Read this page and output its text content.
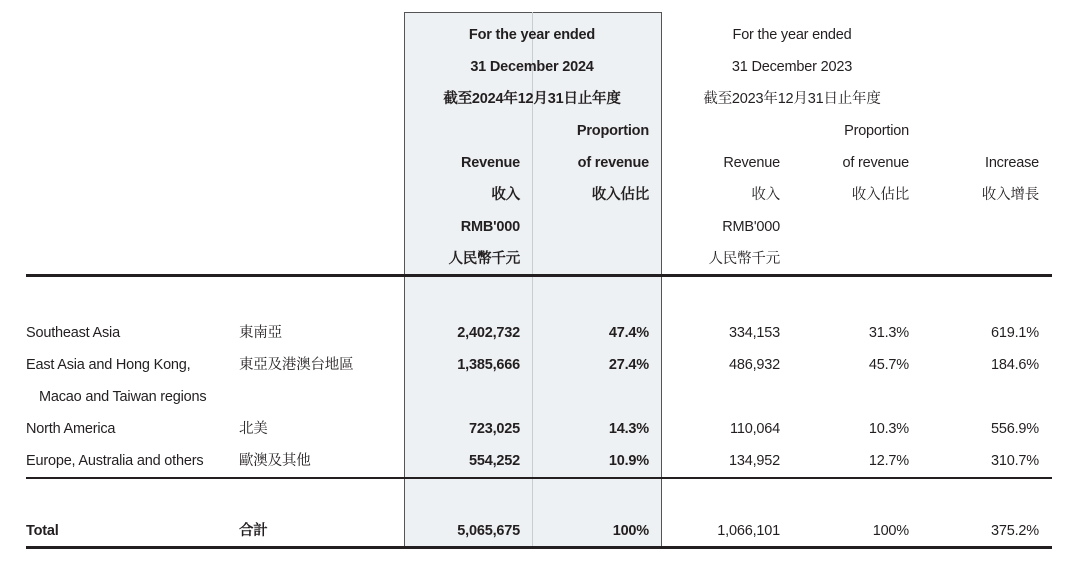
For the year ended
31 December 2024
截至2024年12月31日止年度
Proportion
Revenue	of revenue
收入	收入佔比
RMB'000
人民幣千元
For the year ended
31 December 2023
截至2023年12月31日止年度
Proportion
Revenue	of revenue	Increase
收入	收入佔比	收入增長
RMB'000
人民幣千元
Southeast Asia	東南亞	2,402,732	47.4%	334,153	31.3%	619.1%
East Asia and Hong Kong,
Macao and Taiwan regions
東亞及港澳台地區	1,385,666	27.4%	486,932	45.7%	184.6%
North America	北美	723,025	14.3%	110,064	10.3%	556.9%
Europe, Australia and others 歐澳及其他	554,252	10.9%	134,952	12.7%	310.7%
Total	合計	5,065,675	100%	1,066,101	100%	375.2%
